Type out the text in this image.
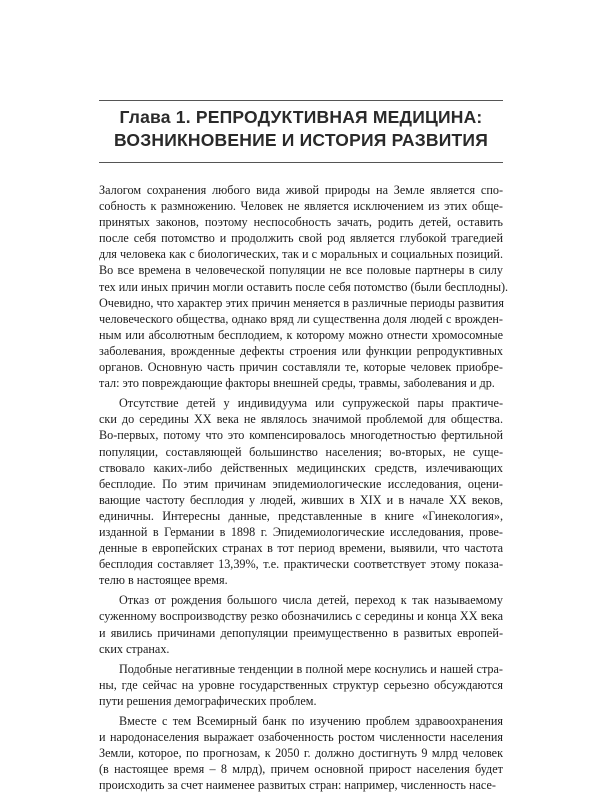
Глава 1. РЕПРОДУКТИВНАЯ МЕДИЦИНА:
ВОЗНИКНОВЕНИЕ И ИСТОРИЯ РАЗВИТИЯ

Залогом сохранения любого вида живой природы на Земле является спо-
собность к размножению. Человек не является исключением из этих обще-
принятых законов, поэтому неспособность зачать, родить детей, оставить
после себя потомство и продолжить свой род является глубокой трагедией
для человека как с биологических, так и с моральных и социальных позиций.
Во все времена в человеческой популяции не все половые партнеры в силу
тех или иных причин могли оставить после себя потомство (были бесплодны).
Очевидно, что характер этих причин меняется в различные периоды развития
человеческого общества, однако вряд ли существенна доля людей с врожден-
ным или абсолютным бесплодием, к которому можно отнести хромосомные
заболевания, врожденные дефекты строения или функции репродуктивных
органов. Основную часть причин составляли те, которые человек приобре-
тал: это повреждающие факторы внешней среды, травмы, заболевания и др.

Отсутствие детей у индивидуума или супружеской пары практиче-
ски до середины XX века не являлось значимой проблемой для общества.
Во-первых, потому что это компенсировалось многодетностью фертильной
популяции, составляющей большинство населения; во-вторых, не суще-
ствовало каких-либо действенных медицинских средств, излечивающих
бесплодие. По этим причинам эпидемиологические исследования, оцени-
вающие частоту бесплодия у людей, живших в XIX и в начале XX веков,
единичны. Интересны данные, представленные в книге «Гинекология»,
изданной в Германии в 1898 г. Эпидемиологические исследования, прове-
денные в европейских странах в тот период времени, выявили, что частота
бесплодия составляет 13,39%, т.е. практически соответствует этому показа-
телю в настоящее время.

Отказ от рождения большого числа детей, переход к так называемому
суженному воспроизводству резко обозначились с середины и конца XX века
и явились причинами депопуляции преимущественно в развитых европей-
ских странах.

Подобные негативные тенденции в полной мере коснулись и нашей стра-
ны, где сейчас на уровне государственных структур серьезно обсуждаются
пути решения демографических проблем.

Вместе с тем Всемирный банк по изучению проблем здравоохранения
и народонаселения выражает озабоченность ростом численности населения
Земли, которое, по прогнозам, к 2050 г. должно достигнуть 9 млрд человек
(в настоящее время – 8 млрд), причем основной прирост населения будет
происходить за счет наименее развитых стран: например, численность насе-
